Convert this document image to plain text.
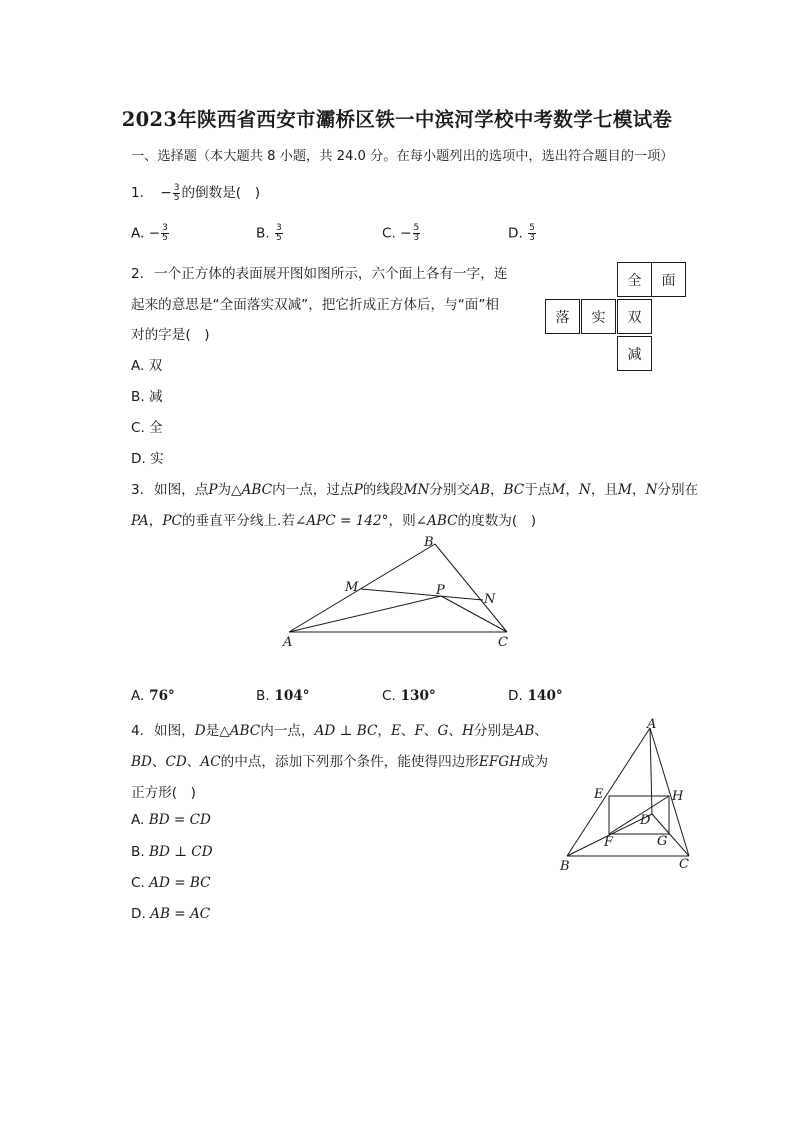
2023年陕西省西安市灞桥区铁一中滨河学校中考数学七模试卷
一、选择题（本大题共 8 小题，共 24.0 分。在每小题列出的选项中，选出符合题目的一项）
1. − $\frac{3}{5}$ 的倒数是(　)
A. − $\frac{3}{5}$	B. $\frac{3}{5}$	C. − $\frac{5}{3}$	D. $\frac{5}{3}$
2. 一个正方体的表面展开图如图所示，六个面上各有一字，连
起来的意思是“全面落实双减”，把它折成正方体后，与“面”相
对的字是(　)
全	面
落	实	双
减
A. 双
B. 减
C. 全
D. 实
3. 如图，点P为△ABC内一点，过点P的线段MN分别交AB，BC于点M，N，且M，N分别在
PA，PC的垂直平分线上.若∠APC = 142°，则∠ABC的度数为(　)
B
M	P
N
A	C
A. 76°	B. 104°	C. 130°	D. 140°
4. 如图，D是△ABC内一点，AD ⊥ BC，E、F、G、H分别是AB、
BD、CD、AC的中点，添加下列那个条件，能使得四边形EFGH成为
正方形(　)
A
E	H
D
F	G
B	C
A. BD = CD
B. BD ⊥ CD
C. AD = BC
D. AB = AC
